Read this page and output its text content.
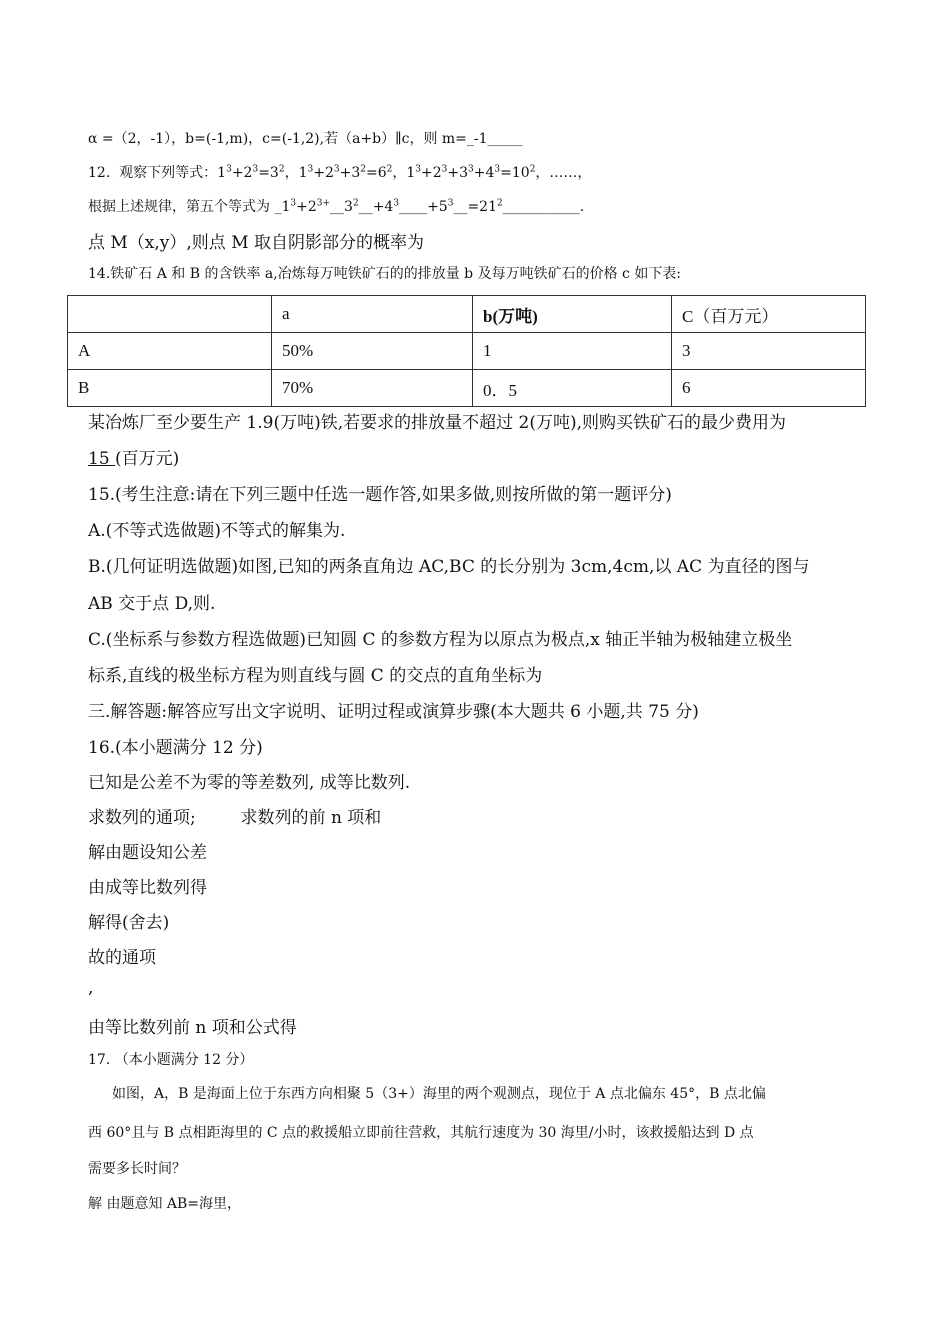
α =（2，-1），b=(-1,m)，c=(-1,2),若（a+b）∥c，则 m=_-1_____
12. 观察下列等式：$1^3+2^3=3^2$，$1^3+2^3+3^2=6^2$，$1^3+2^3+3^3+4^3=10^2$，……，
根据上述规律，第五个等式为 $\_1^3+2^{3+}\_\_3^2\_\_+4^3\_\_\_\_+5^3\_\_=21^2\_\_\_\_\_\_\_\_\_\_\_$.
点 M（x,y）,则点 M 取自阴影部分的概率为
14.铁矿石 A 和 B 的含铁率 a,冶炼每万吨铁矿石的的排放量 b 及每万吨铁矿石的价格 c 如下表:
	a	b(万吨)	C（百万元）
A	50%	1	3
B	70%	0．5	6
某冶炼厂至少要生产 1.9(万吨)铁,若要求的排放量不超过 2(万吨),则购买铁矿石的最少费用为
15 (百万元)
15.(考生注意:请在下列三题中任选一题作答,如果多做,则按所做的第一题评分)
A.(不等式选做题)不等式的解集为.
B.(几何证明选做题)如图,已知的两条直角边 AC,BC 的长分别为 3cm,4cm,以 AC 为直径的图与
AB 交于点 D,则.
C.(坐标系与参数方程选做题)已知圆 C 的参数方程为以原点为极点,x 轴正半轴为极轴建立极坐
标系,直线的极坐标方程为则直线与圆 C 的交点的直角坐标为
三.解答题:解答应写出文字说明、证明过程或演算步骤(本大题共 6 小题,共 75 分)
16.(本小题满分 12 分)
已知是公差不为零的等差数列, 成等比数列.
求数列的通项;	求数列的前 n 项和
解由题设知公差
由成等比数列得
解得(舍去)
故的通项
,
由等比数列前 n 项和公式得
17. （本小题满分 12 分）
如图，A，B 是海面上位于东西方向相聚 5（3+）海里的两个观测点，现位于 A 点北偏东 45°，B 点北偏
西 60°且与 B 点相距海里的 C 点的救援船立即前往营救，其航行速度为 30 海里/小时，该救援船达到 D 点
需要多长时间？
解 由题意知 AB=海里，
